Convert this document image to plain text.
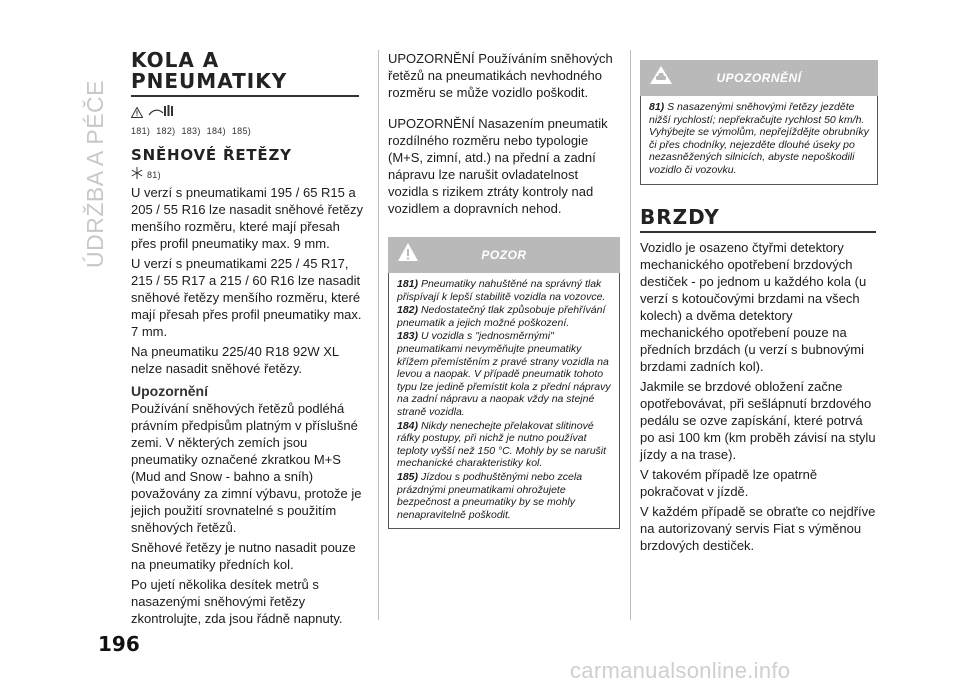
ÚDRŽBA A PÉČE
KOLA A
PNEUMATIKY
181) 182) 183) 184) 185)
SNĚHOVÉ ŘETĚZY
81)

U verzí s pneumatikami 195 / 65 R15 a 205 / 55 R16 lze nasadit sněhové řetězy menšího rozměru, které mají přesah přes profil pneumatiky max. 9 mm.

U verzí s pneumatikami 225 / 45 R17, 215 / 55 R17 a 215 / 60 R16 lze nasadit sněhové řetězy menšího rozměru, které mají přesah přes profil pneumatiky max. 7 mm.

Na pneumatiku 225/40 R18 92W XL nelze nasadit sněhové řetězy.

Upozornění

Používání sněhových řetězů podléhá právním předpisům platným v příslušné zemi. V některých zemích jsou pneumatiky označené zkratkou M+S (Mud and Snow - bahno a sníh) považovány za zimní výbavu, protože je jejich použití srovnatelné s použitím sněhových řetězů.

Sněhové řetězy je nutno nasadit pouze na pneumatiky předních kol.

Po ujetí několika desítek metrů s nasazenými sněhovými řetězy zkontrolujte, zda jsou řádně napnuty.

UPOZORNĚNÍ Používáním sněhových řetězů na pneumatikách nevhodného rozměru se může vozidlo poškodit.

UPOZORNĚNÍ Nasazením pneumatik rozdílného rozměru nebo typologie (M+S, zimní, atd.) na přední a zadní nápravu lze narušit ovladatelnost vozidla s rizikem ztráty kontroly nad vozidlem a dopravních nehod.

POZOR

181) Pneumatiky nahuštěné na správný tlak přispívají k lepší stabilitě vozidla na vozovce.

182) Nedostatečný tlak způsobuje přehřívání pneumatik a jejich možné poškození.

183) U vozidla s "jednosměrnými" pneumatikami nevyměňujte pneumatiky křížem přemístěním z pravé strany vozidla na levou a naopak. V případě pneumatik tohoto typu lze jedině přemístit kola z přední nápravy na zadní nápravu a naopak vždy na stejné straně vozidla.

184) Nikdy nenechejte přelakovat slitinové ráfky postupy, při nichž je nutno používat teploty vyšší než 150 °C. Mohly by se narušit mechanické charakteristiky kol.

185) Jízdou s podhuštěnými nebo zcela prázdnými pneumatikami ohrožujete bezpečnost a pneumatiky by se mohly nenapravitelně poškodit.

UPOZORNĚNÍ

81) S nasazenými sněhovými řetězy jezděte nižší rychlostí; nepřekračujte rychlost 50 km/h. Vyhýbejte se výmolům, nepřejíždějte obrubníky či přes chodníky, nejezděte dlouhé úseky po nezasněžených silnicích, abyste nepoškodili vozidlo či vozovku.

BRZDY

Vozidlo je osazeno čtyřmi detektory mechanického opotřebení brzdových destiček - po jednom u každého kola (u verzí s kotoučovými brzdami na všech kolech) a dvěma detektory mechanického opotřebení pouze na předních brzdách (u verzí s bubnovými brzdami zadních kol).

Jakmile se brzdové obložení začne opotřebovávat, při sešlápnutí brzdového pedálu se ozve zapískání, které potrvá po asi 100 km (km proběh závisí na stylu jízdy a na trase).

V takovém případě lze opatrně pokračovat v jízdě.

V každém případě se obraťte co nejdříve na autorizovaný servis Fiat s výměnou brzdových destiček.

196
carmanualsonline.info
